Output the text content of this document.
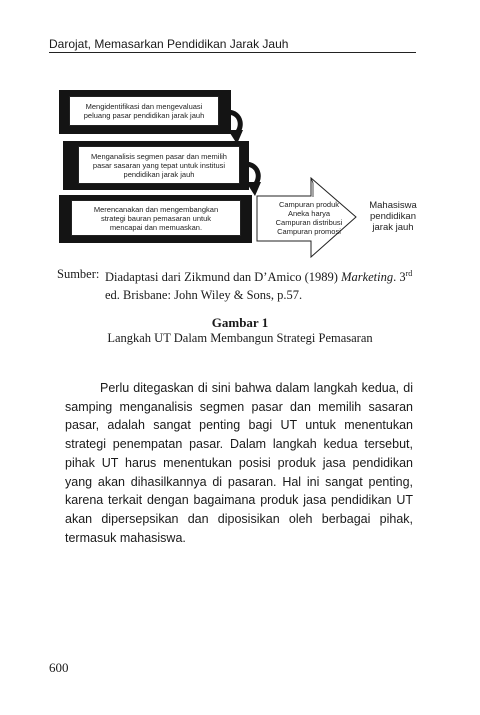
Darojat, Memasarkan Pendidikan Jarak Jauh
Mengidentifikasi dan mengevaluasi
peluang pasar pendidikan jarak jauh
Menganalisis segmen pasar dan memilih
pasar sasaran yang tepat untuk institusi
pendidikan jarak jauh
Merencanakan dan mengembangkan
strategi bauran pemasaran untuk
mencapai dan memuaskan.
Campuran produk
Aneka harya
Campuran distribusi
Campuran promosi
Mahasiswa
pendidikan
jarak jauh
Sumber: Diadaptasi dari Zikmund dan D’Amico (1989) Marketing. 3rd ed. Brisbane: John Wiley & Sons, p.57.
Gambar 1
Langkah UT Dalam Membangun Strategi Pemasaran
Perlu ditegaskan di sini bahwa dalam langkah kedua, di samping menganalisis segmen pasar dan memilih sasaran pasar, adalah sangat penting bagi UT untuk menentukan strategi penempatan pasar. Dalam langkah kedua tersebut, pihak UT harus menentukan posisi produk jasa pendidikan yang akan dihasilkannya di pasaran. Hal ini sangat penting, karena terkait dengan bagaimana produk jasa pendidikan UT akan dipersepsikan dan diposisikan oleh berbagai pihak, termasuk mahasiswa.
600
